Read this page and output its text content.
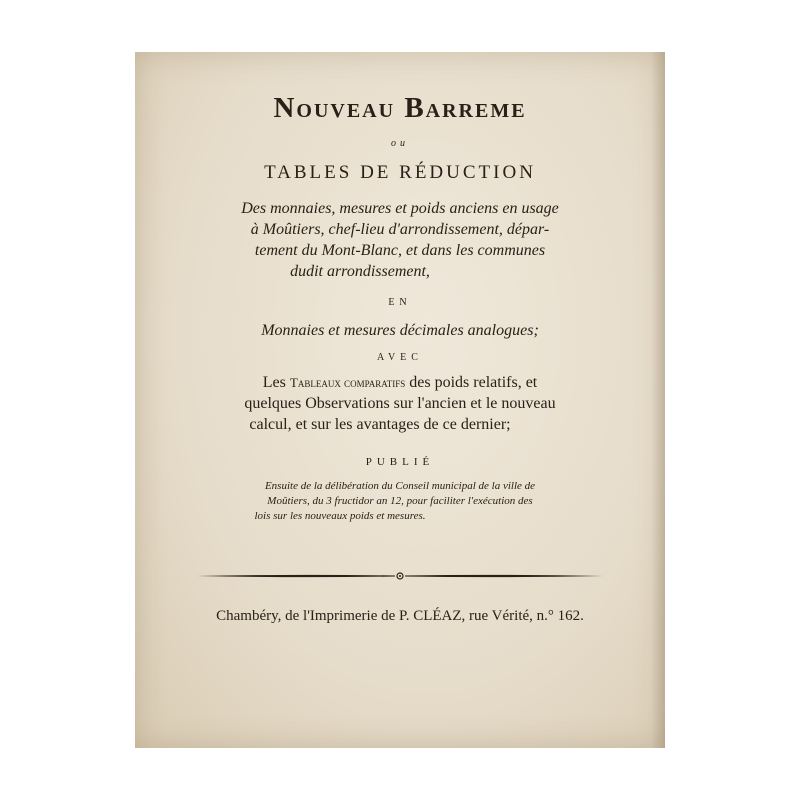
Nouveau Barreme
ou
TABLES DE RÉDUCTION
Des monnaies, mesures et poids anciens en usage
à Moûtiers, chef-lieu d'arrondissement, dépar-
tement du Mont-Blanc, et dans les communes
dudit arrondissement,
EN
Monnaies et mesures décimales analogues;
AVEC
Les Tableaux comparatifs des poids relatifs, et
quelques Observations sur l'ancien et le nouveau
calcul, et sur les avantages de ce dernier;
PUBLIÉ
Ensuite de la délibération du Conseil municipal de la ville de
Moûtiers, du 3 fructidor an 12, pour faciliter l'exécution des
lois sur les nouveaux poids et mesures.
Chambéry, de l'Imprimerie de P. CLÉAZ, rue Vérité, n.° 162.
